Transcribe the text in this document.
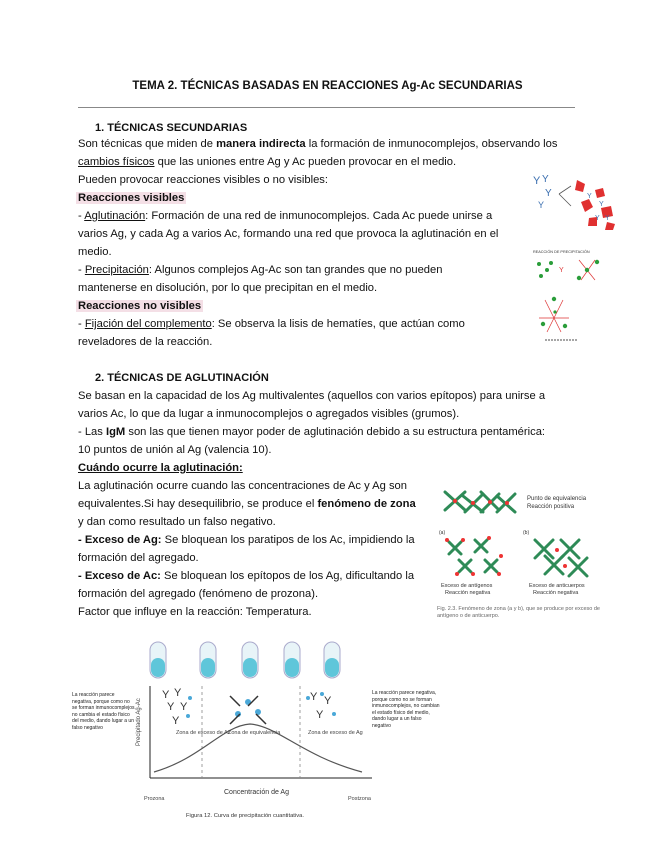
TEMA 2. TÉCNICAS BASADAS EN REACCIONES Ag-Ac SECUNDARIAS
1. TÉCNICAS SECUNDARIAS
Son técnicas que miden de manera indirecta la formación de inmunocomplejos, observando los
cambios físicos que las uniones entre Ag y Ac pueden provocar en el medio.
Pueden provocar reacciones visibles o no visibles:
Reacciones visibles
- Aglutinación: Formación de una red de inmunocomplejos. Cada Ac puede unirse a
varios Ag, y cada Ag a varios Ac, formando una red que provoca la aglutinación en el
medio.
- Precipitación: Algunos complejos Ag-Ac son tan grandes que no pueden
mantenerse en disolución, por lo que precipitan en el medio.
Reacciones no visibles
- Fijación del complemento: Se observa la lisis de hematíes, que actúan como
reveladores de la reacción.
Y Y
Y
Y
Y
Y
Y Y
REACCIÓN DE PRECIPITACIÓN
Y
2. TÉCNICAS DE AGLUTINACIÓN
Se basan en la capacidad de los Ag multivalentes (aquellos con varios epítopos) para unirse a
varios Ac, lo que da lugar a inmunocomplejos o agregados visibles (grumos).
- Las IgM son las que tienen mayor poder de aglutinación debido a su estructura pentamérica:
10 puntos de unión al Ag (valencia 10).
Cuándo ocurre la aglutinación:
La aglutinación ocurre cuando las concentraciones de Ac y Ag son
equivalentes.Si hay desequilibrio, se produce el fenómeno de zona
y dan como resultado un falso negativo.
- Exceso de Ag: Se bloquean los paratipos de los Ac, impidiendo la
formación del agregado.
- Exceso de Ac: Se bloquean los epítopos de los Ag, dificultando la
formación del agregado (fenómeno de prozona).
Factor que influye en la reacción: Temperatura.
Punto de equivalencia
Reacción positiva
(a)	(b)
Exceso de antígenos
Reacción negativa
Exceso de anticuerpos
Reacción negativa
Fig. 2.3. Fenómeno de zona (a y b), que se produce por exceso de antígeno o de anticuerpo.
Y Y
Y Y
Y
Y Y
Y
Precipitado Ag-Ac	Zona de exceso de Ac
Zona de equivalencia	Zona de exceso de Ag
Concentración de Ag
Prozona	Postzona
La reacción parece negativa, porque como no se forman inmunocomplejos, no cambia el estado físico del medio, dando lugar a un falso negativo
La reacción parece negativa, porque como no se forman inmunocomplejos, no cambian el estado físico del medio, dando lugar a un falso negativo
Figura 12. Curva de precipitación cuantitativa.
